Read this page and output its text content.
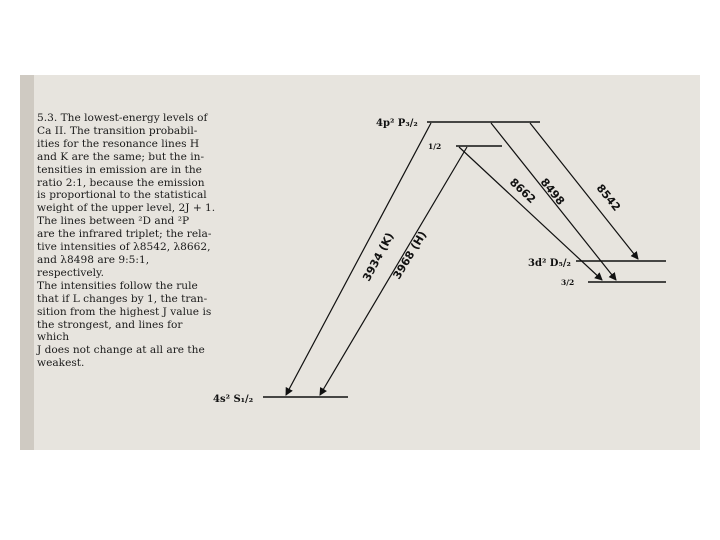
5.3. The lowest-energy levels of

Ca II. The transition probabil-

ities for the resonance lines H

and K are the same; but the in-

tensities in emission are in the

ratio 2:1, because the emission

is proportional to the statistical

weight of the upper level, 2J + 1.

The lines between ²D and ²P

are the infrared triplet; the rela-

tive intensities of λ8542, λ8662,

and λ8498 are 9:5:1, respectively.

The intensities follow the rule

that if L changes by 1, the tran-

sition from the highest J value is

the strongest, and lines for which

J does not change at all are the

weakest.

4p² P₃/₂
1/2
3d² D₅/₂
3/2
4s² S₁/₂
3934 (K)
3968 (H)
8662 8498 8542
